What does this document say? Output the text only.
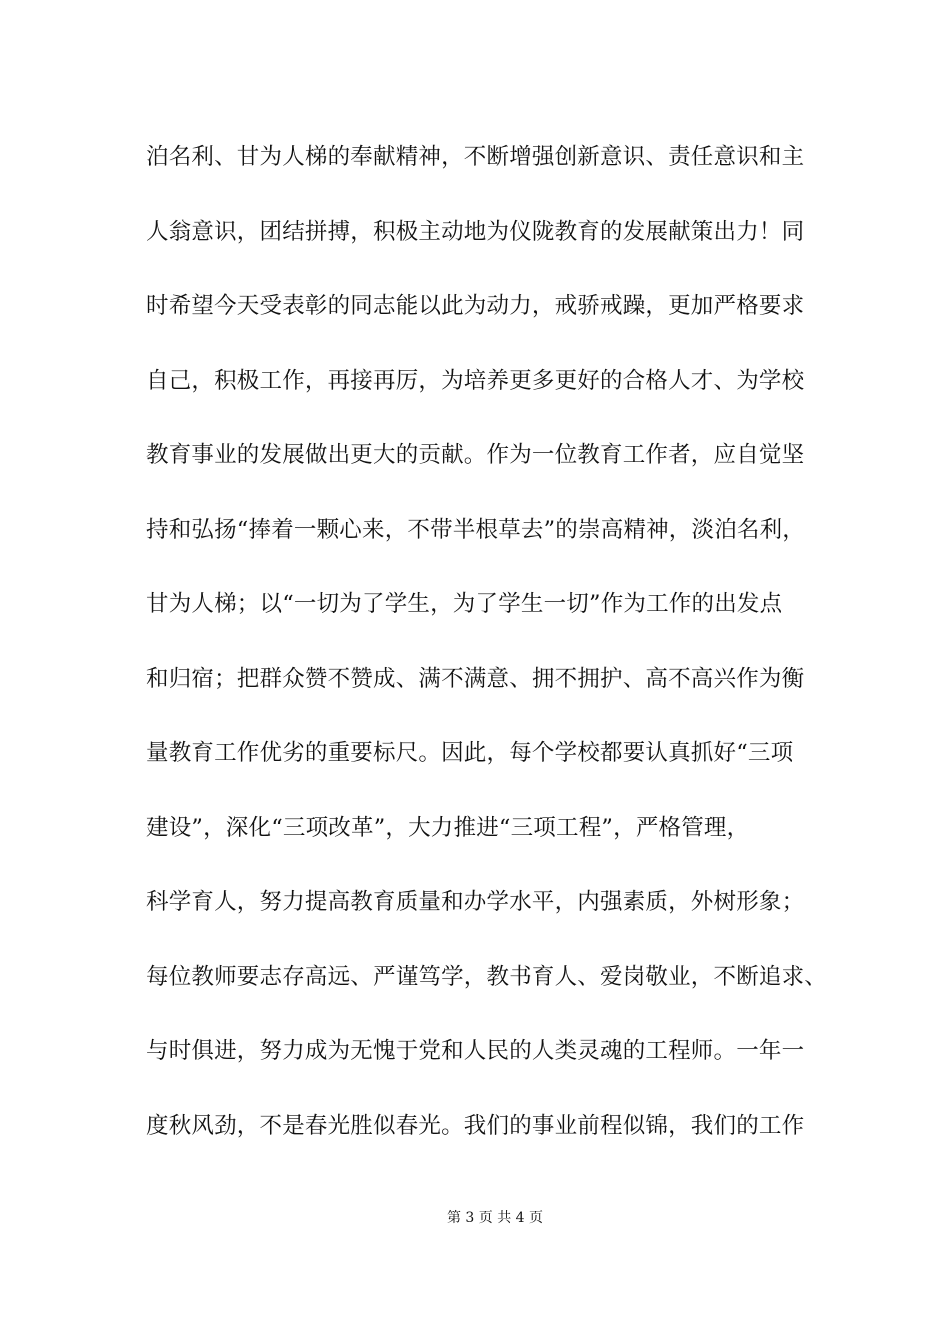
泊名利、甘为人梯的奉献精神，不断增强创新意识、责任意识和主
人翁意识，团结拼搏，积极主动地为仪陇教育的发展献策出力！同
时希望今天受表彰的同志能以此为动力，戒骄戒躁，更加严格要求
自己，积极工作，再接再厉，为培养更多更好的合格人才、为学校
教育事业的发展做出更大的贡献。作为一位教育工作者，应自觉坚
持和弘扬“捧着一颗心来，不带半根草去”的崇高精神，淡泊名利，
甘为人梯；以“一切为了学生，为了学生一切”作为工作的出发点
和归宿；把群众赞不赞成、满不满意、拥不拥护、高不高兴作为衡
量教育工作优劣的重要标尺。因此，每个学校都要认真抓好“三项
建设”，深化“三项改革”，大力推进“三项工程”，严格管理，
科学育人，努力提高教育质量和办学水平，内强素质，外树形象；
每位教师要志存高远、严谨笃学，教书育人、爱岗敬业，不断追求、
与时俱进，努力成为无愧于党和人民的人类灵魂的工程师。一年一
度秋风劲，不是春光胜似春光。我们的事业前程似锦，我们的工作
第 3 页 共 4 页
